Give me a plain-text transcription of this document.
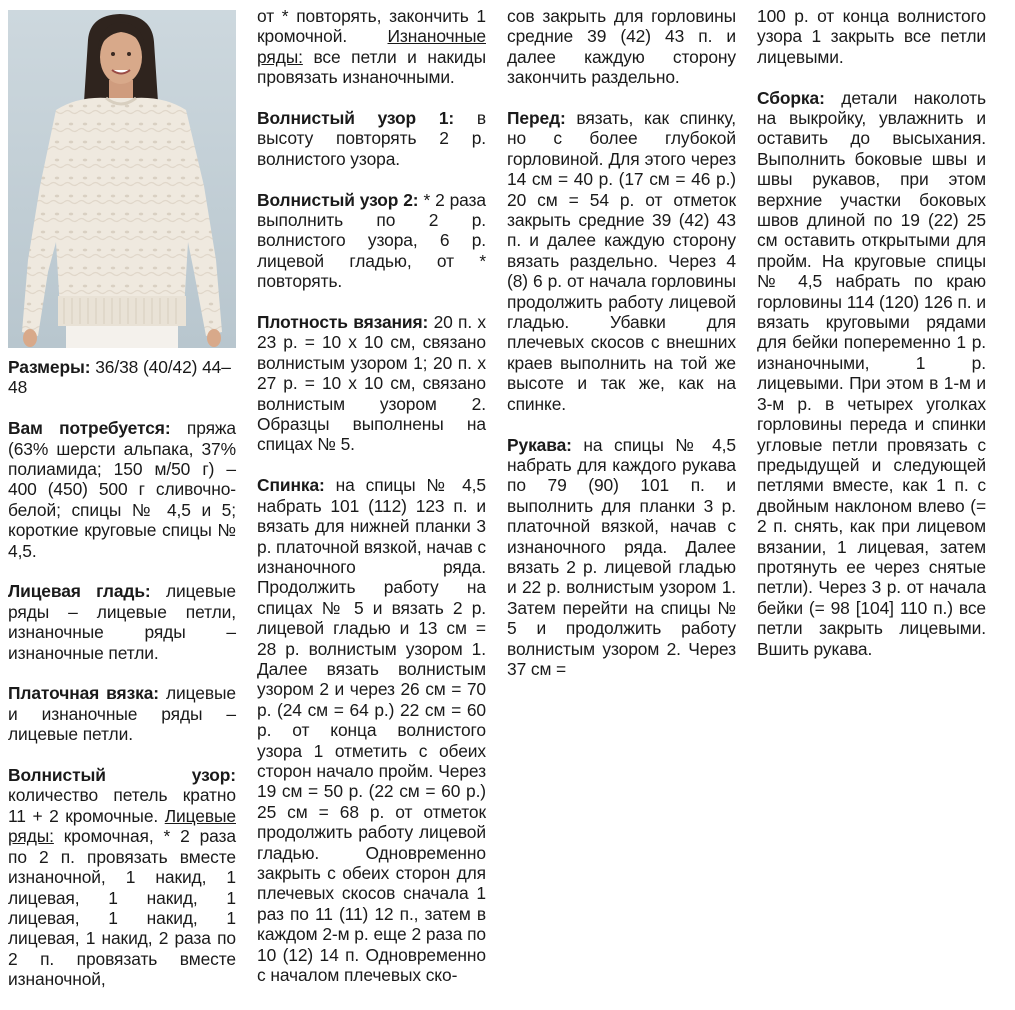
Размеры: 36/38 (40/42) 44–48

Вам потребуется: пряжа (63% шерсти альпака, 37% полиамида; 150 м/50 г) – 400 (450) 500 г сливочно-белой; спицы № 4,5 и 5; короткие круговые спицы № 4,5.

Лицевая гладь: лицевые ряды – лицевые петли, изнаночные ряды – изнаночные петли.

Платочная вязка: лицевые и изнаночные ряды – лицевые петли.

Волнистый узор: количество петель кратно 11 + 2 кромочные. Лицевые ряды: кромочная, * 2 раза по 2 п. провязать вместе изнаночной, 1 накид, 1 лицевая, 1 накид, 1 лицевая, 1 накид, 1 лицевая, 1 накид, 2 раза по 2 п. провязать вместе изнаночной,

от * повторять, закончить 1 кромочной. Изнаночные ряды: все петли и накиды провязать изнаночными.

Волнистый узор 1: в высоту повторять 2 р. волнистого узора.

Волнистый узор 2: * 2 раза выполнить по 2 р. волнистого узора, 6 р. лицевой гладью, от * повторять.

Плотность вязания: 20 п. х 23 р. = 10 х 10 см, связано волнистым узором 1; 20 п. х 27 р. = 10 х 10 см, связано волнистым узором 2. Образцы выполнены на спицах № 5.

Спинка: на спицы № 4,5 набрать 101 (112) 123 п. и вязать для нижней планки 3 р. платочной вязкой, начав с изнаночного ряда. Продолжить работу на спицах № 5 и вязать 2 р. лицевой гладью и 13 см = 28 р. волнистым узором 1. Далее вязать волнистым узором 2 и через 26 см = 70 р. (24 см = 64 р.) 22 см = 60 р. от конца волнистого узора 1 отметить с обеих сторон начало пройм. Через 19 см = 50 р. (22 см = 60 р.) 25 см = 68 р. от отметок продолжить работу лицевой гладью. Одновременно закрыть с обеих сторон для плечевых скосов сначала 1 раз по 11 (11) 12 п., затем в каждом 2-м р. еще 2 раза по 10 (12) 14 п. Одновременно с началом плечевых ско-

сов закрыть для горловины средние 39 (42) 43 п. и далее каждую сторону закончить раздельно.

Перед: вязать, как спинку, но с более глубокой горловиной. Для этого через 14 см = 40 р. (17 см = 46 р.) 20 см = 54 р. от отметок закрыть средние 39 (42) 43 п. и далее каждую сторону вязать раздельно. Через 4 (8) 6 р. от начала горловины продолжить работу лицевой гладью. Убавки для плечевых скосов с внешних краев выполнить на той же высоте и так же, как на спинке.

Рукава: на спицы № 4,5 набрать для каждого рукава по 79 (90) 101 п. и выполнить для планки 3 р. платочной вязкой, начав с изнаночного ряда. Далее вязать 2 р. лицевой гладью и 22 р. волнистым узором 1. Затем перейти на спицы № 5 и продолжить работу волнистым узором 2. Через 37 см =

100 р. от конца волнистого узора 1 закрыть все петли лицевыми.

Сборка: детали наколоть на выкройку, увлажнить и оставить до высыхания. Выполнить боковые швы и швы рукавов, при этом верхние участки боковых швов длиной по 19 (22) 25 см оставить открытыми для пройм. На круговые спицы № 4,5 набрать по краю горловины 114 (120) 126 п. и вязать круговыми рядами для бейки попеременно 1 р. изнаночными, 1 р. лицевыми. При этом в 1-м и 3-м р. в четырех уголках горловины переда и спинки угловые петли провязать с предыдущей и следующей петлями вместе, как 1 п. с двойным наклоном влево (= 2 п. снять, как при лицевом вязании, 1 лицевая, затем протянуть ее через снятые петли). Через 3 р. от начала бейки (= 98 [104] 110 п.) все петли закрыть лицевыми. Вшить рукава.
